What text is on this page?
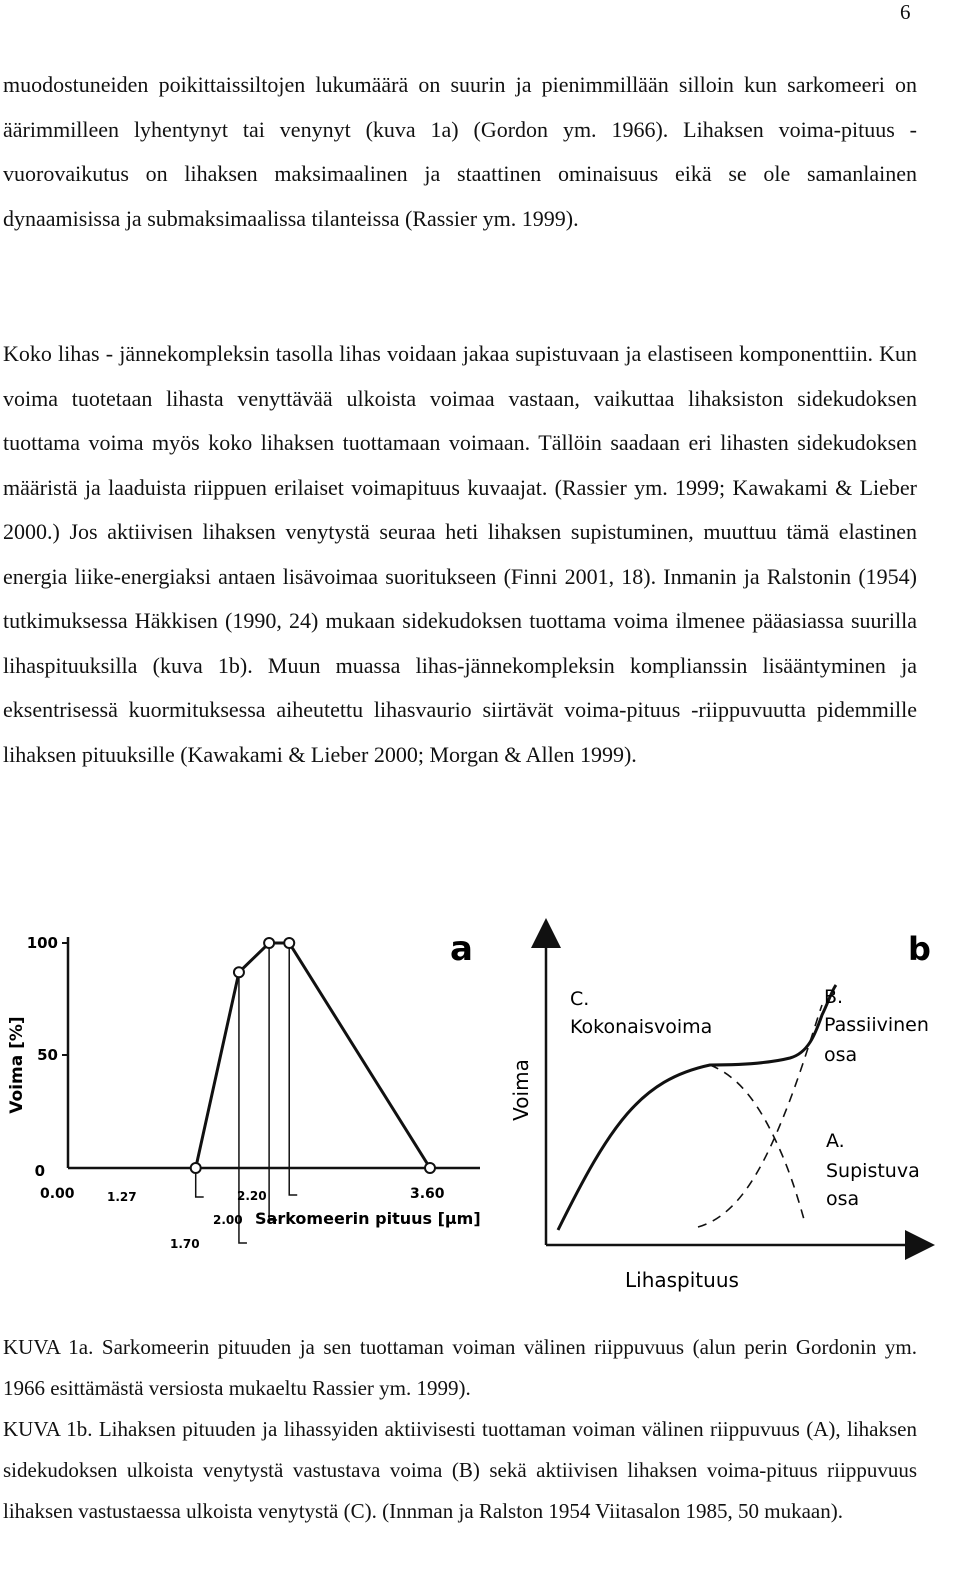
6

muodostuneiden poikittaissiltojen lukumäärä on suurin ja pienimmillään silloin kun sarkomeeri on äärimmilleen lyhentynyt tai venynyt (kuva 1a) (Gordon ym. 1966). Lihaksen voima-pituus -vuorovaikutus on lihaksen maksimaalinen ja staattinen ominaisuus eikä se ole samanlainen dynaamisissa ja submaksimaalissa tilanteissa (Rassier ym. 1999).

Koko lihas - jännekompleksin tasolla lihas voidaan jakaa supistuvaan ja elastiseen komponenttiin. Kun voima tuotetaan lihasta venyttävää ulkoista voimaa vastaan, vaikuttaa lihaksiston sidekudoksen tuottama voima myös koko lihaksen tuottamaan voimaan. Tällöin saadaan eri lihasten sidekudoksen määristä ja laaduista riippuen erilaiset voimapituus kuvaajat. (Rassier ym. 1999; Kawakami & Lieber 2000.) Jos aktiivisen lihaksen venytystä seuraa heti lihaksen supistuminen, muuttuu tämä elastinen energia liike-energiaksi antaen lisävoimaa suoritukseen (Finni 2001, 18). Inmanin ja Ralstonin (1954) tutkimuksessa Häkkisen (1990, 24) mukaan sidekudoksen tuottama voima ilmenee pääasiassa suurilla lihaspituuksilla (kuva 1b). Muun muassa lihas-jännekompleksin komplianssin lisääntyminen ja eksentrisessä kuormituksessa aiheutettu lihasvaurio siirtävät voima-pituus -riippuvuutta pidemmille lihaksen pituuksille (Kawakami & Lieber 2000; Morgan & Allen 1999).

100
50
0
Voima [%]
a
0.00	1.27
1.70
2.00
2.20	3.60
Sarkomeerin pituus [µm]
b
Voima
Lihaspituus
C.
Kokonaisvoima
B.
Passiivinen
osa
A.
Supistuva
osa

KUVA 1a. Sarkomeerin pituuden ja sen tuottaman voiman välinen riippuvuus (alun perin Gordonin ym. 1966 esittämästä versiosta mukaeltu Rassier ym. 1999).

KUVA 1b. Lihaksen pituuden ja lihassyiden aktiivisesti tuottaman voiman välinen riippuvuus (A), lihaksen sidekudoksen ulkoista venytystä vastustava voima (B) sekä aktiivisen lihaksen voima-pituus riippuvuus lihaksen vastustaessa ulkoista venytystä (C). (Innman ja Ralston 1954 Viitasalon 1985, 50 mukaan).
